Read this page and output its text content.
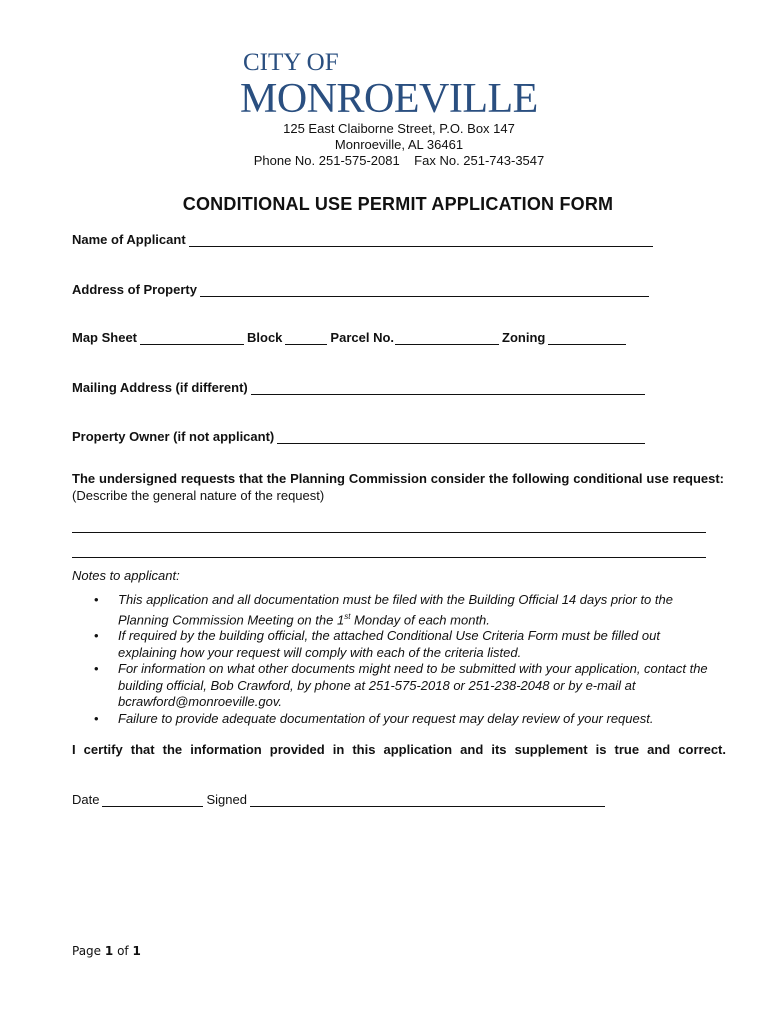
CITY OF
MONROEVILLE
125 East Claiborne Street, P.O. Box 147
Monroeville, AL 36461
Phone No. 251-575-2081    Fax No. 251-743-3547
CONDITIONAL USE PERMIT APPLICATION FORM
Name of Applicant
Address of Property
Map Sheet	Block	Parcel No.	Zoning
Mailing Address (if different)
Property Owner (if not applicant)
The undersigned requests that the Planning Commission consider the following conditional use request: (Describe the general nature of the request)
Notes to applicant:
• This application and all documentation must be filed with the Building Official 14 days prior to the Planning Commission Meeting on the 1st Monday of each month.
• If required by the building official, the attached Conditional Use Criteria Form must be filled out explaining how your request will comply with each of the criteria listed.
• For information on what other documents might need to be submitted with your application, contact the building official, Bob Crawford, by phone at 251-575-2018 or 251-238-2048 or by e-mail at bcrawford@monroeville.gov.
• Failure to provide adequate documentation of your request may delay review of your request.
I certify that the information provided in this application and its supplement is true and correct.
Date	Signed
Page 1 of 1
